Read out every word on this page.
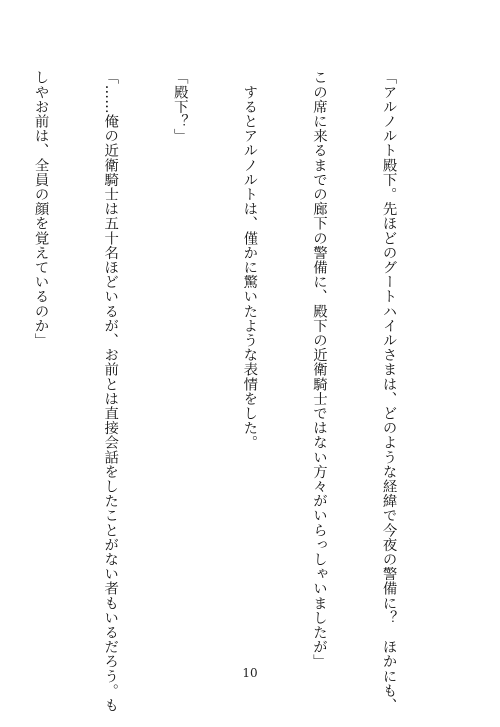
「アルノルト殿下。先ほどのグートハイルさまは、どのような経緯で今夜の警備に？　ほかにも、

この席に来るまでの廊下の警備に、殿下の近衛騎士ではない方々がいらっしゃいましたが」

　するとアルノルトは、僅かに驚いたような表情をした。

「殿下？」

「……俺の近衛騎士は五十名ほどいるが、お前とは直接会話をしたことがない者もいるだろう。も

しやお前は、全員の顔を覚えているのか」

10
